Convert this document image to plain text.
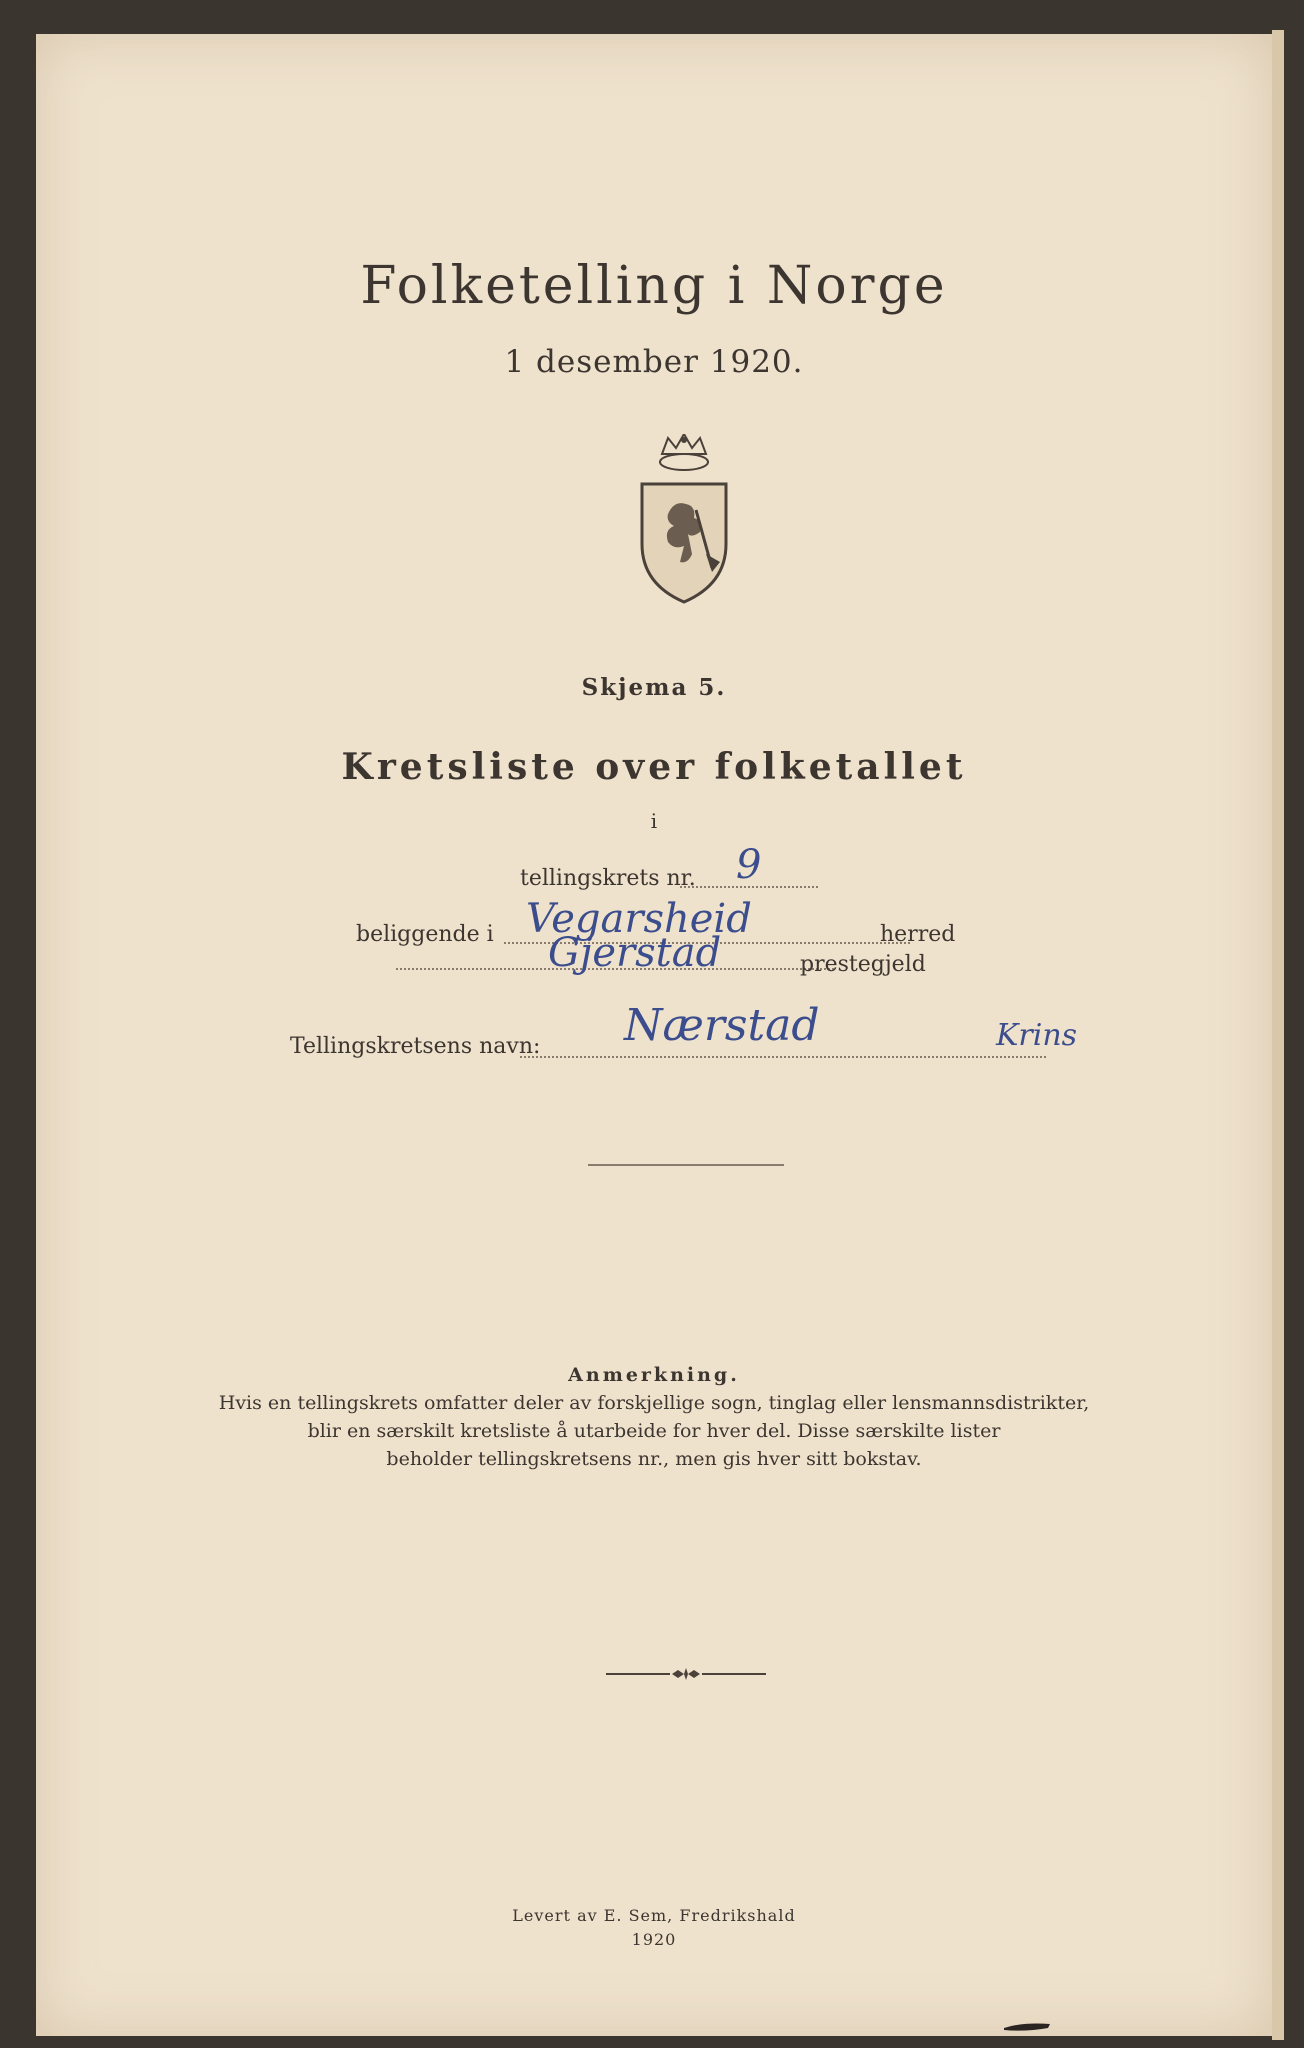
Folketelling i Norge
1 desember 1920.
Skjema 5.
Kretsliste over folketallet
i
tellingskrets nr. 9
beliggende i Vegarsheid	herred
Gjerstad	prestegjeld
Tellingskretsens navn: Nærstad	Krins
Anmerkning.
Hvis en tellingskrets omfatter deler av forskjellige sogn, tinglag eller lensmannsdistrikter,
blir en særskilt kretsliste å utarbeide for hver del. Disse særskilte lister
beholder tellingskretsens nr., men gis hver sitt bokstav.
Levert av E. Sem, Fredrikshald
1920
